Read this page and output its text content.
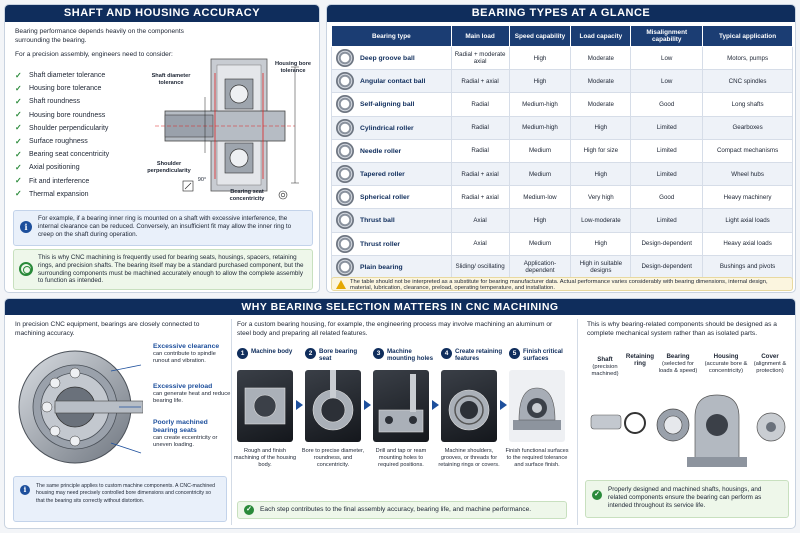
SHAFT AND HOUSING ACCURACY
Bearing performance depends heavily on the components surrounding the bearing.
For a precision assembly, engineers need to consider:
✓ Shaft diameter tolerance
✓ Housing bore tolerance
✓ Shaft roundness
✓ Housing bore roundness
✓ Shoulder perpendicularity
✓ Surface roughness
✓ Bearing seat concentricity
✓ Axial positioning
✓ Fit and interference
✓ Thermal expansion
Shaft diameter tolerance
Housing bore tolerance
Shoulder perpendicularity
Bearing seat concentricity
90°
i
For example, if a bearing inner ring is mounted on a shaft with excessive interference, the internal clearance can be reduced. Conversely, an insufficient fit may allow the inner ring to creep on the shaft during operation.
This is why CNC machining is frequently used for bearing seats, housings, spacers, retaining rings, and precision shafts. The bearing itself may be a standard purchased component, but the surrounding components must be machined accurately enough to allow the complete assembly to function as intended.
BEARING TYPES AT A GLANCE
Bearing type	Main load	Speed capability	Load capacity	Misalignment capability	Typical application
Deep groove ball	Radial + moderate axial	High	Moderate	Low	Motors, pumps
Angular contact ball	Radial + axial	High	Moderate	Low	CNC spindles
Self-aligning ball	Radial	Medium-high	Moderate	Good	Long shafts
Cylindrical roller	Radial	Medium-high	High	Limited	Gearboxes
Needle roller	Radial	Medium	High for size	Limited	Compact mechanisms
Tapered roller	Radial + axial	Medium	High	Limited	Wheel hubs
Spherical roller	Radial + axial	Medium-low	Very high	Good	Heavy machinery
Thrust ball	Axial	High	Low-moderate	Limited	Light axial loads
Thrust roller	Axial	Medium	High	Design-dependent	Heavy axial loads
Plain bearing	Sliding/ oscillating	Application-dependent	High in suitable designs	Design-dependent	Bushings and pivots
The table should not be interpreted as a substitute for bearing manufacturer data. Actual performance varies considerably with bearing dimensions, internal design, material, lubrication, clearance, preload, operating temperature, and installation.
WHY BEARING SELECTION MATTERS IN CNC MACHINING
In precision CNC equipment, bearings are closely connected to machining accuracy.
Excessive clearance
can contribute to spindle runout and vibration.
Excessive preload
can generate heat and reduce bearing life.
Poorly machined bearing seats
can create eccentricity or uneven loading.
i	The same principle applies to custom machine components. A CNC-machined housing may need precisely controlled bore dimensions and concentricity so that the bearing sits correctly without distortion.
For a custom bearing housing, for example, the engineering process may involve machining an aluminum or steel body and preparing all related features.
1	Machine body
Rough and finish machining of the housing body.
2	Bore bearing seat
Bore to precise diameter, roundness, and concentricity.
3	Machine mounting holes
Drill and tap or ream mounting holes to required positions.
4	Create retaining features
Machine shoulders, grooves, or threads for retaining rings or covers.
5	Finish critical surfaces
Finish functional surfaces to the required tolerance and surface finish.
✓	Each step contributes to the final assembly accuracy, bearing life, and machine performance.
This is why bearing-related components should be designed as a complete mechanical system rather than as isolated parts.
Shaft
(precision machined)
Retaining ring
Bearing
(selected for loads & speed)
Housing
(accurate bore & concentricity)
Cover
(alignment & protection)
✓
Properly designed and machined shafts, housings, and related components ensure the bearing can perform as intended throughout its service life.
